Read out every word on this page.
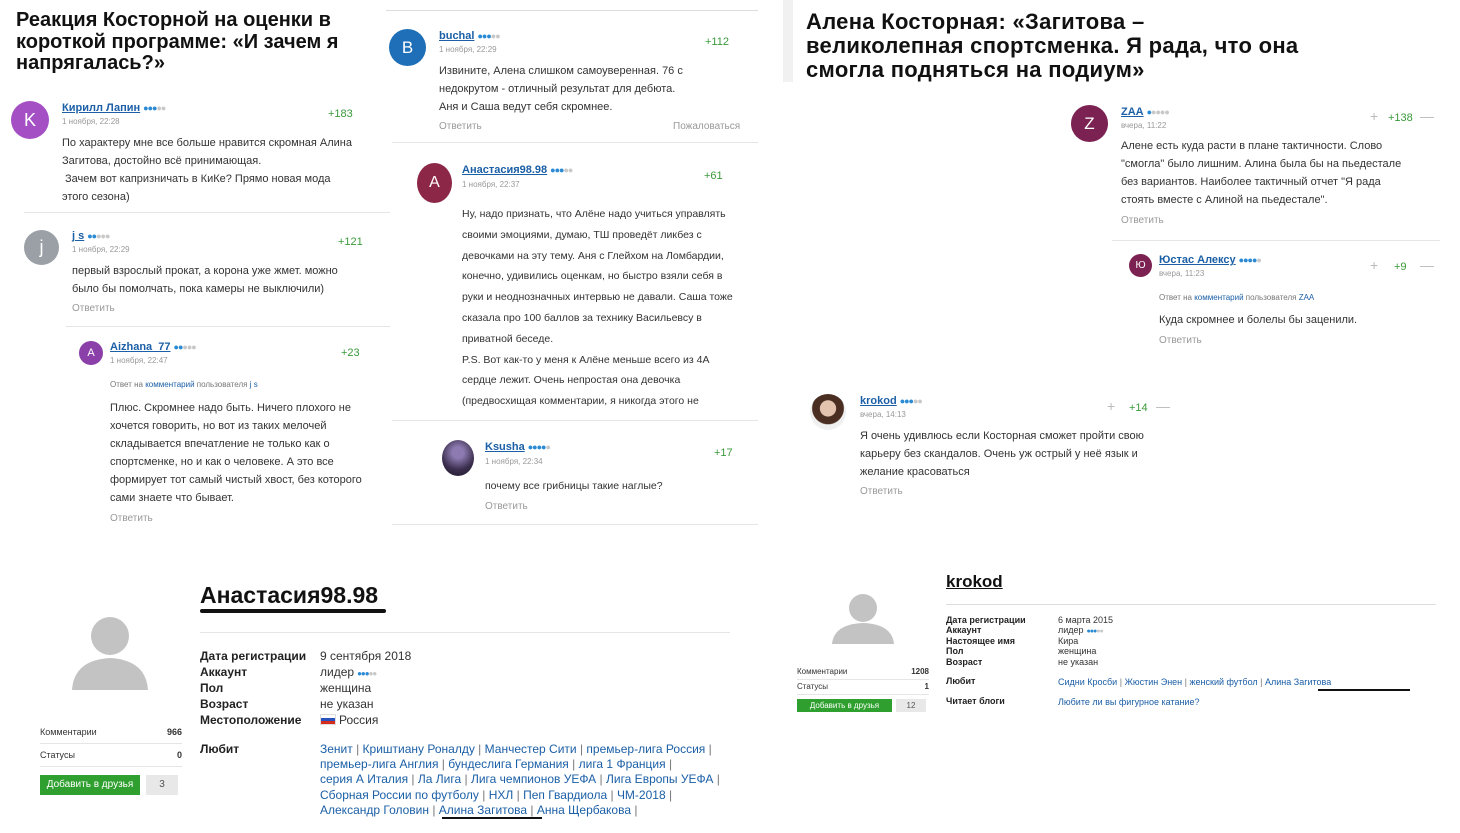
Реакция Косторной на оценки в короткой программе: «И зачем я напрягалась?»
K
Кирилл Лапин ●●●●●
1 ноября, 22:28
+183
По характеру мне все больше нравится скромная Алина
Загитова, достойно всё принимающая.
Зачем вот капризничать в КиКе? Прямо новая мода
этого сезона)
j
j s ●●●●●
1 ноября, 22:29
+121
первый взрослый прокат, а корона уже жмет. можно
было бы помолчать, пока камеры не выключили)
Ответить
A	Aizhana_77 ●●●●●
1 ноября, 22:47
+23
Ответ на комментарий пользователя j s
Плюс. Скромнее надо быть. Ничего плохого не
хочется говорить, но вот из таких мелочей
складывается впечатление не только как о
спортсменке, но и как о человеке. А это все
формирует тот самый чистый хвост, без которого
сами знаете что бывает.
Ответить
B
buchal ●●●●●
1 ноября, 22:29
+112
Извините, Алена слишком самоуверенная. 76 с
недокрутом - отличный результат для дебюта.
Аня и Саша ведут себя скромнее.
Ответить	Пожаловаться
A
Анастасия98.98 ●●●●●
1 ноября, 22:37
+61
Ну, надо признать, что Алёне надо учиться управлять
своими эмоциями, думаю, ТШ проведёт ликбез с
девочками на эту тему. Аня с Глейхом на Ломбардии,
конечно, удивились оценкам, но быстро взяли себя в
руки и неоднозначных интервью не давали. Саша тоже
сказала про 100 баллов за технику Васильевсу в
приватной беседе.
P.S. Вот как-то у меня к Алёне меньше всего из 4А
сердце лежит. Очень непростая она девочка
(предвосхищая комментарии, я никогда этого не
Ksusha ●●●●●
1 ноября, 22:34
+17
почему все грибницы такие наглые?
Ответить
Алена Косторная: «Загитова – великолепная спортсменка. Я рада, что она смогла подняться на подиум»
Z
ZAA ●●●●●
вчера, 11:22
+ +138 —
Алене есть куда расти в плане тактичности. Слово
"смогла" было лишним. Алина была бы на пьедестале
без вариантов. Наиболее тактичный отчет "Я рада
стоять вместе с Алиной на пьедестале".
Ответить
Ю	Юстас Алексу ●●●●●
вчера, 11:23
+ +9 —
Ответ на комментарий пользователя ZAA
Куда скромнее и болелы бы заценили.
Ответить
krokod ●●●●●
вчера, 14:13
+ +14 —
Я очень удивлюсь если Косторная сможет пройти свою
карьеру без скандалов. Очень уж острый у неё язык и
желание красоваться
Ответить
Анастасия98.98
Дата регистрации 9 сентября 2018
Аккаунт	лидер ●●●●●
Пол	женщина
Возраст	не указан
Местоположение	Россия
Любит	Зенит | Криштиану Роналду | Манчестер Сити | премьер-лига Россия |
премьер-лига Англия | бундеслига Германия | лига 1 Франция |
серия А Италия | Ла Лига | Лига чемпионов УЕФА | Лига Европы УЕФА |
Сборная России по футболу | НХЛ | Пеп Гвардиола | ЧМ-2018 |
Александр Головин | Алина Загитова | Анна Щербакова |
Комментарии	966
Статусы	0
Добавить в друзья	3
krokod
Дата регистрации	6 марта 2015
Аккаунт	лидер ●●●●●
Настоящее имя	Кира
Пол	женщина
Возраст	не указан
Любит	Сидни Кросби | Жюстин Энен | женский футбол | Алина Загитова
Читает блоги	Любите ли вы фигурное катание?
Комментарии	1208
Статусы	1
Добавить в друзья	12
